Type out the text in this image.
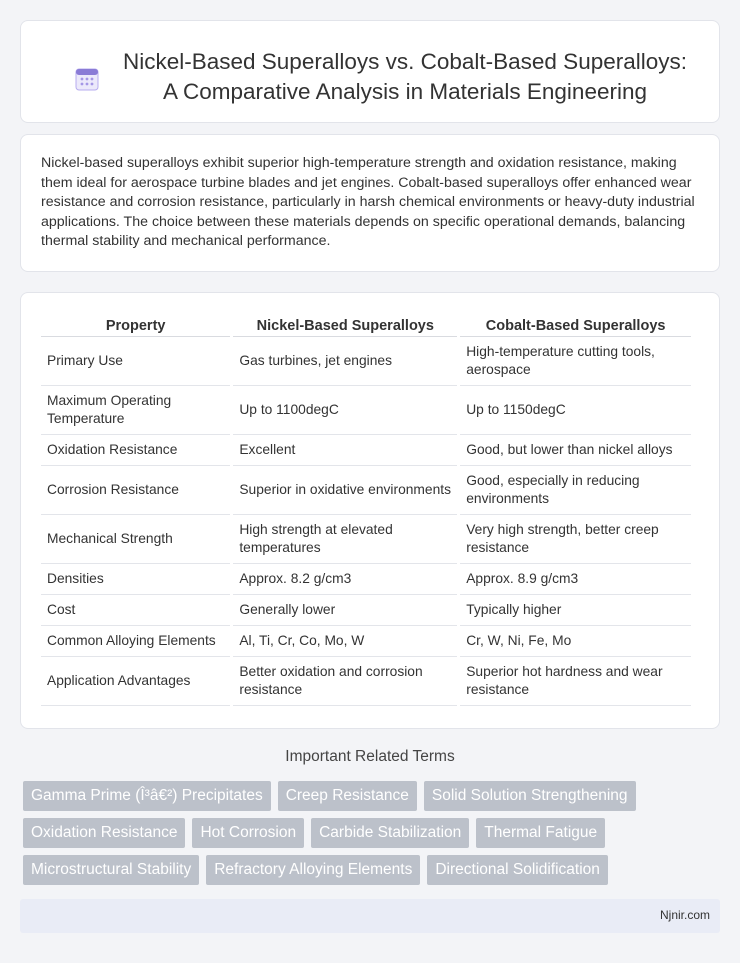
Nickel-Based Superalloys vs. Cobalt-Based Superalloys:
A Comparative Analysis in Materials Engineering

Nickel-based superalloys exhibit superior high-temperature strength and oxidation resistance, making them ideal for aerospace turbine blades and jet engines. Cobalt-based superalloys offer enhanced wear resistance and corrosion resistance, particularly in harsh chemical environments or heavy-duty industrial applications. The choice between these materials depends on specific operational demands, balancing thermal stability and mechanical performance.

Property	Nickel-Based Superalloys	Cobalt-Based Superalloys
Primary Use	Gas turbines, jet engines	High-temperature cutting tools, aerospace
Maximum Operating Temperature	Up to 1100degC	Up to 1150degC
Oxidation Resistance	Excellent	Good, but lower than nickel alloys
Corrosion Resistance	Superior in oxidative environments	Good, especially in reducing environments
Mechanical Strength	High strength at elevated temperatures	Very high strength, better creep resistance
Densities	Approx. 8.2 g/cm3	Approx. 8.9 g/cm3
Cost	Generally lower	Typically higher
Common Alloying Elements	Al, Ti, Cr, Co, Mo, W	Cr, W, Ni, Fe, Mo
Application Advantages	Better oxidation and corrosion resistance	Superior hot hardness and wear resistance
Important Related Terms
Gamma Prime (Î³â€²) Precipitates	Creep Resistance	Solid Solution Strengthening
Oxidation Resistance	Hot Corrosion	Carbide Stabilization	Thermal Fatigue
Microstructural Stability	Refractory Alloying Elements	Directional Solidification
Njnir.com
